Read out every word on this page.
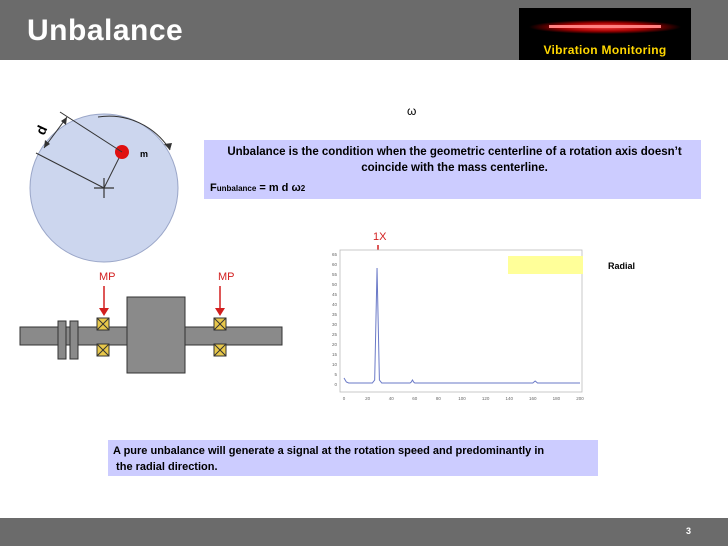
Unbalance
Vibration Monitoring
65
60
55
50
45
40
35
30
25
20
15
10
5
0
0	20	40	60	80	100	120	140	160	180	200
ω
m
d
MP	MP
1X
Unbalance is the condition when the geometric centerline of a rotation axis doesn’t
coincide with the mass centerline.
Funbalance = m d ω2
Radial
A pure unbalance will generate a signal at the rotation speed and predominantly in
the radial direction.
3
